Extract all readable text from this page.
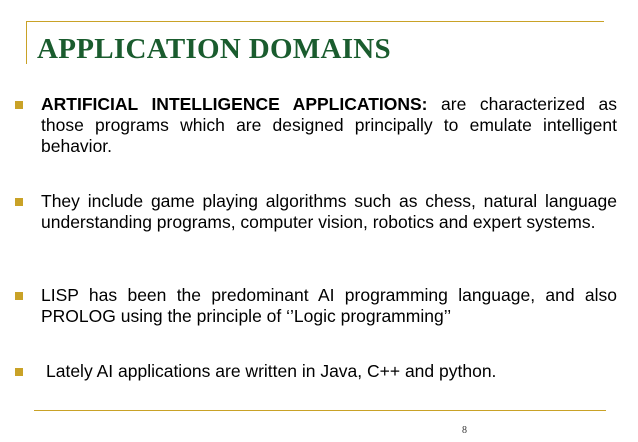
APPLICATION DOMAINS

ARTIFICIAL INTELLIGENCE APPLICATIONS: are characterized as those programs which are designed principally to emulate intelligent behavior.

They include game playing algorithms such as chess, natural language understanding programs, computer vision, robotics and expert systems.

LISP has been the predominant AI programming language, and also PROLOG using the principle of ‘’Logic programming’’

Lately AI applications are written in Java, C++ and python.

8
